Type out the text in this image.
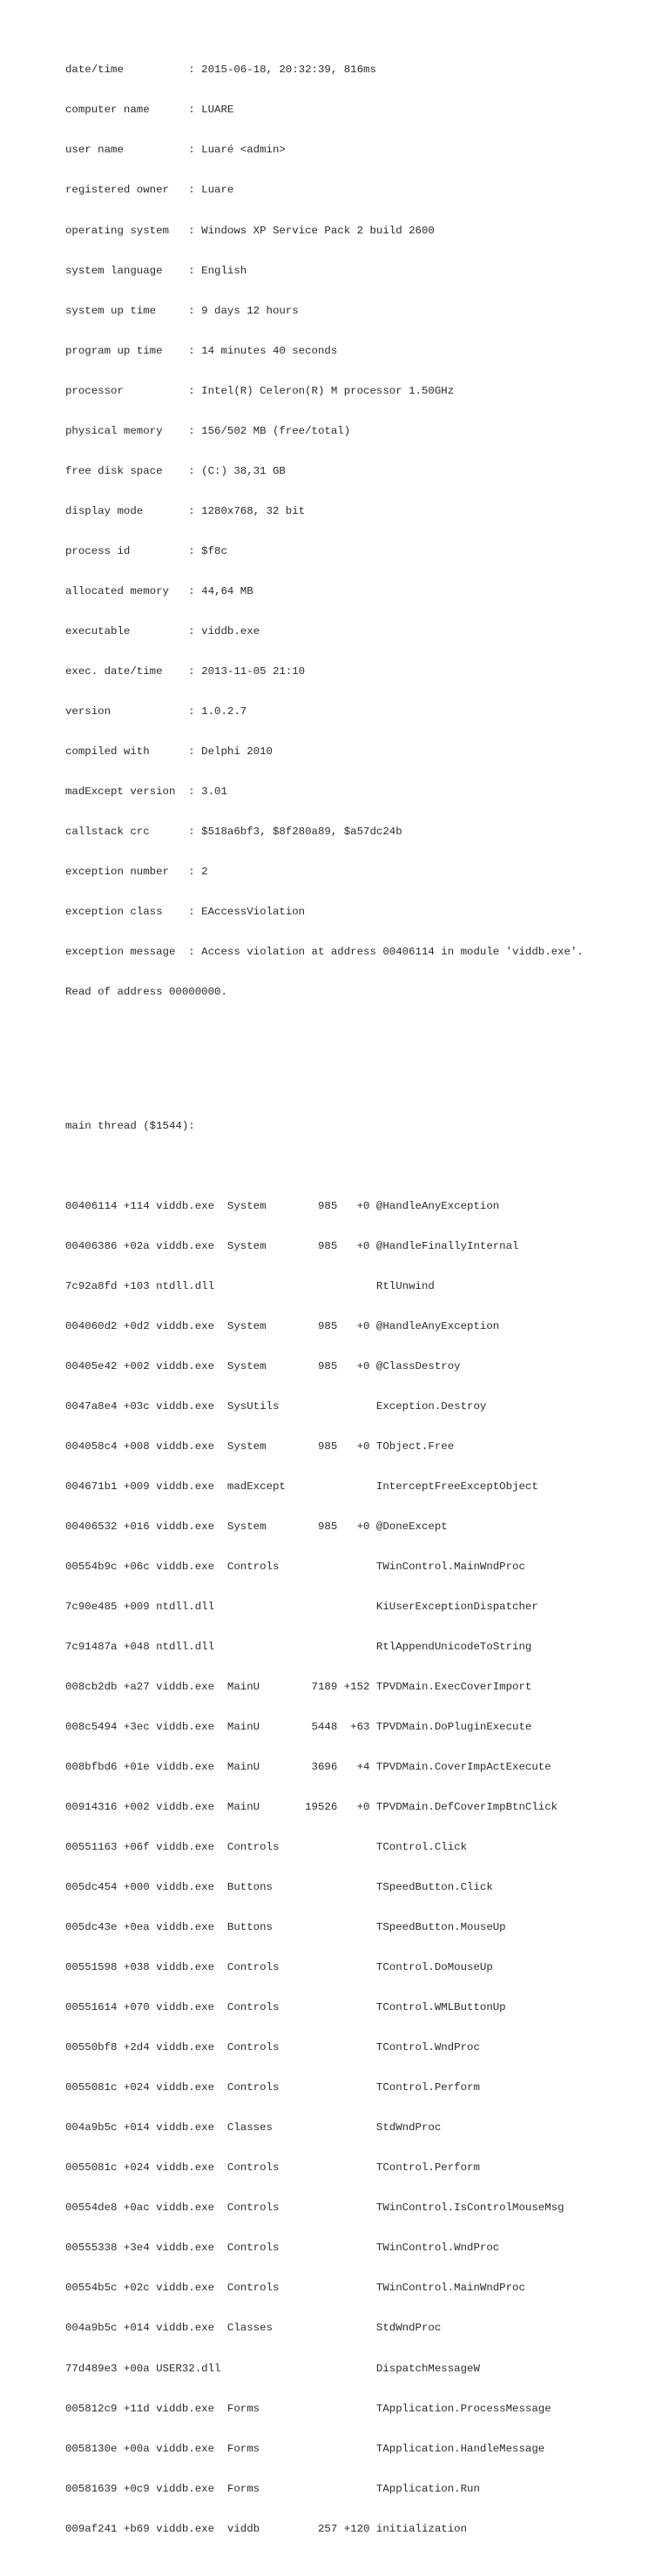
date/time          : 2015-06-18, 20:32:39, 816ms

computer name      : LUARE

user name          : Luaré <admin>

registered owner   : Luare

operating system   : Windows XP Service Pack 2 build 2600

system language    : English

system up time     : 9 days 12 hours

program up time    : 14 minutes 40 seconds

processor          : Intel(R) Celeron(R) M processor 1.50GHz

physical memory    : 156/502 MB (free/total)

free disk space    : (C:) 38,31 GB

display mode       : 1280x768, 32 bit

process id         : $f8c

allocated memory   : 44,64 MB

executable         : viddb.exe

exec. date/time    : 2013-11-05 21:10

version            : 1.0.2.7

compiled with      : Delphi 2010

madExcept version  : 3.01

callstack crc      : $518a6bf3, $8f280a89, $a57dc24b

exception number   : 2

exception class    : EAccessViolation

exception message  : Access violation at address 00406114 in module 'viddb.exe'.

Read of address 00000000.

main thread ($1544):

00406114 +114 viddb.exe  System        985   +0 @HandleAnyException

00406386 +02a viddb.exe  System        985   +0 @HandleFinallyInternal

7c92a8fd +103 ntdll.dll                         RtlUnwind

004060d2 +0d2 viddb.exe  System        985   +0 @HandleAnyException

00405e42 +002 viddb.exe  System        985   +0 @ClassDestroy

0047a8e4 +03c viddb.exe  SysUtils               Exception.Destroy

004058c4 +008 viddb.exe  System        985   +0 TObject.Free

004671b1 +009 viddb.exe  madExcept              InterceptFreeExceptObject

00406532 +016 viddb.exe  System        985   +0 @DoneExcept

00554b9c +06c viddb.exe  Controls               TWinControl.MainWndProc

7c90e485 +009 ntdll.dll                         KiUserExceptionDispatcher

7c91487a +048 ntdll.dll                         RtlAppendUnicodeToString

008cb2db +a27 viddb.exe  MainU        7189 +152 TPVDMain.ExecCoverImport

008c5494 +3ec viddb.exe  MainU        5448  +63 TPVDMain.DoPluginExecute

008bfbd6 +01e viddb.exe  MainU        3696   +4 TPVDMain.CoverImpActExecute

00914316 +002 viddb.exe  MainU       19526   +0 TPVDMain.DefCoverImpBtnClick

00551163 +06f viddb.exe  Controls               TControl.Click

005dc454 +000 viddb.exe  Buttons                TSpeedButton.Click

005dc43e +0ea viddb.exe  Buttons                TSpeedButton.MouseUp

00551598 +038 viddb.exe  Controls               TControl.DoMouseUp

00551614 +070 viddb.exe  Controls               TControl.WMLButtonUp

00550bf8 +2d4 viddb.exe  Controls               TControl.WndProc

0055081c +024 viddb.exe  Controls               TControl.Perform

004a9b5c +014 viddb.exe  Classes                StdWndProc

0055081c +024 viddb.exe  Controls               TControl.Perform

00554de8 +0ac viddb.exe  Controls               TWinControl.IsControlMouseMsg

00555338 +3e4 viddb.exe  Controls               TWinControl.WndProc

00554b5c +02c viddb.exe  Controls               TWinControl.MainWndProc

004a9b5c +014 viddb.exe  Classes                StdWndProc

77d489e3 +00a USER32.dll                        DispatchMessageW

005812c9 +11d viddb.exe  Forms                  TApplication.ProcessMessage

0058130e +00a viddb.exe  Forms                  TApplication.HandleMessage

00581639 +0c9 viddb.exe  Forms                  TApplication.Run

009af241 +b69 viddb.exe  viddb         257 +120 initialization
